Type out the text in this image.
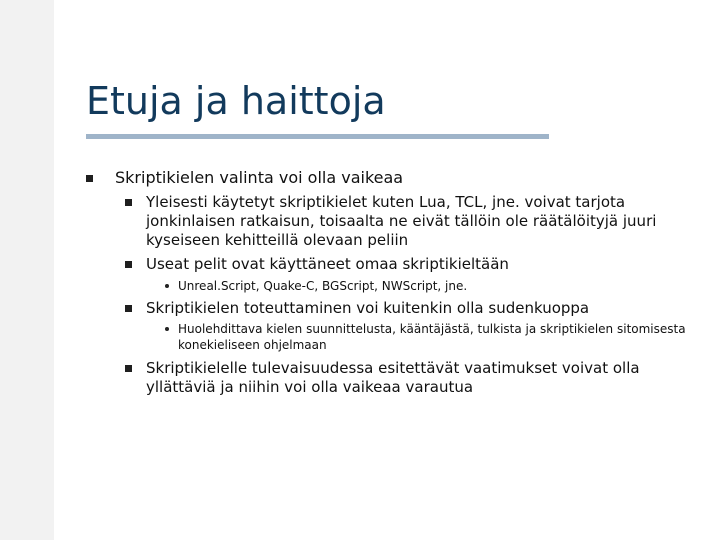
Etuja ja haittoja
Skriptikielen valinta voi olla vaikeaa
Yleisesti käytetyt skriptikielet kuten Lua, TCL, jne. voivat tarjota jonkinlaisen ratkaisun, toisaalta ne eivät tällöin ole räätälöityjä juuri kyseiseen kehitteillä olevaan peliin
Useat pelit ovat käyttäneet omaa skriptikieltään
Unreal.Script, Quake-C, BGScript, NWScript, jne.
Skriptikielen toteuttaminen voi kuitenkin olla sudenkuoppa
Huolehdittava kielen suunnittelusta, kääntäjästä, tulkista ja skriptikielen sitomisesta konekieliseen ohjelmaan
Skriptikielelle tulevaisuudessa esitettävät vaatimukset voivat olla yllättäviä ja niihin voi olla vaikeaa varautua
